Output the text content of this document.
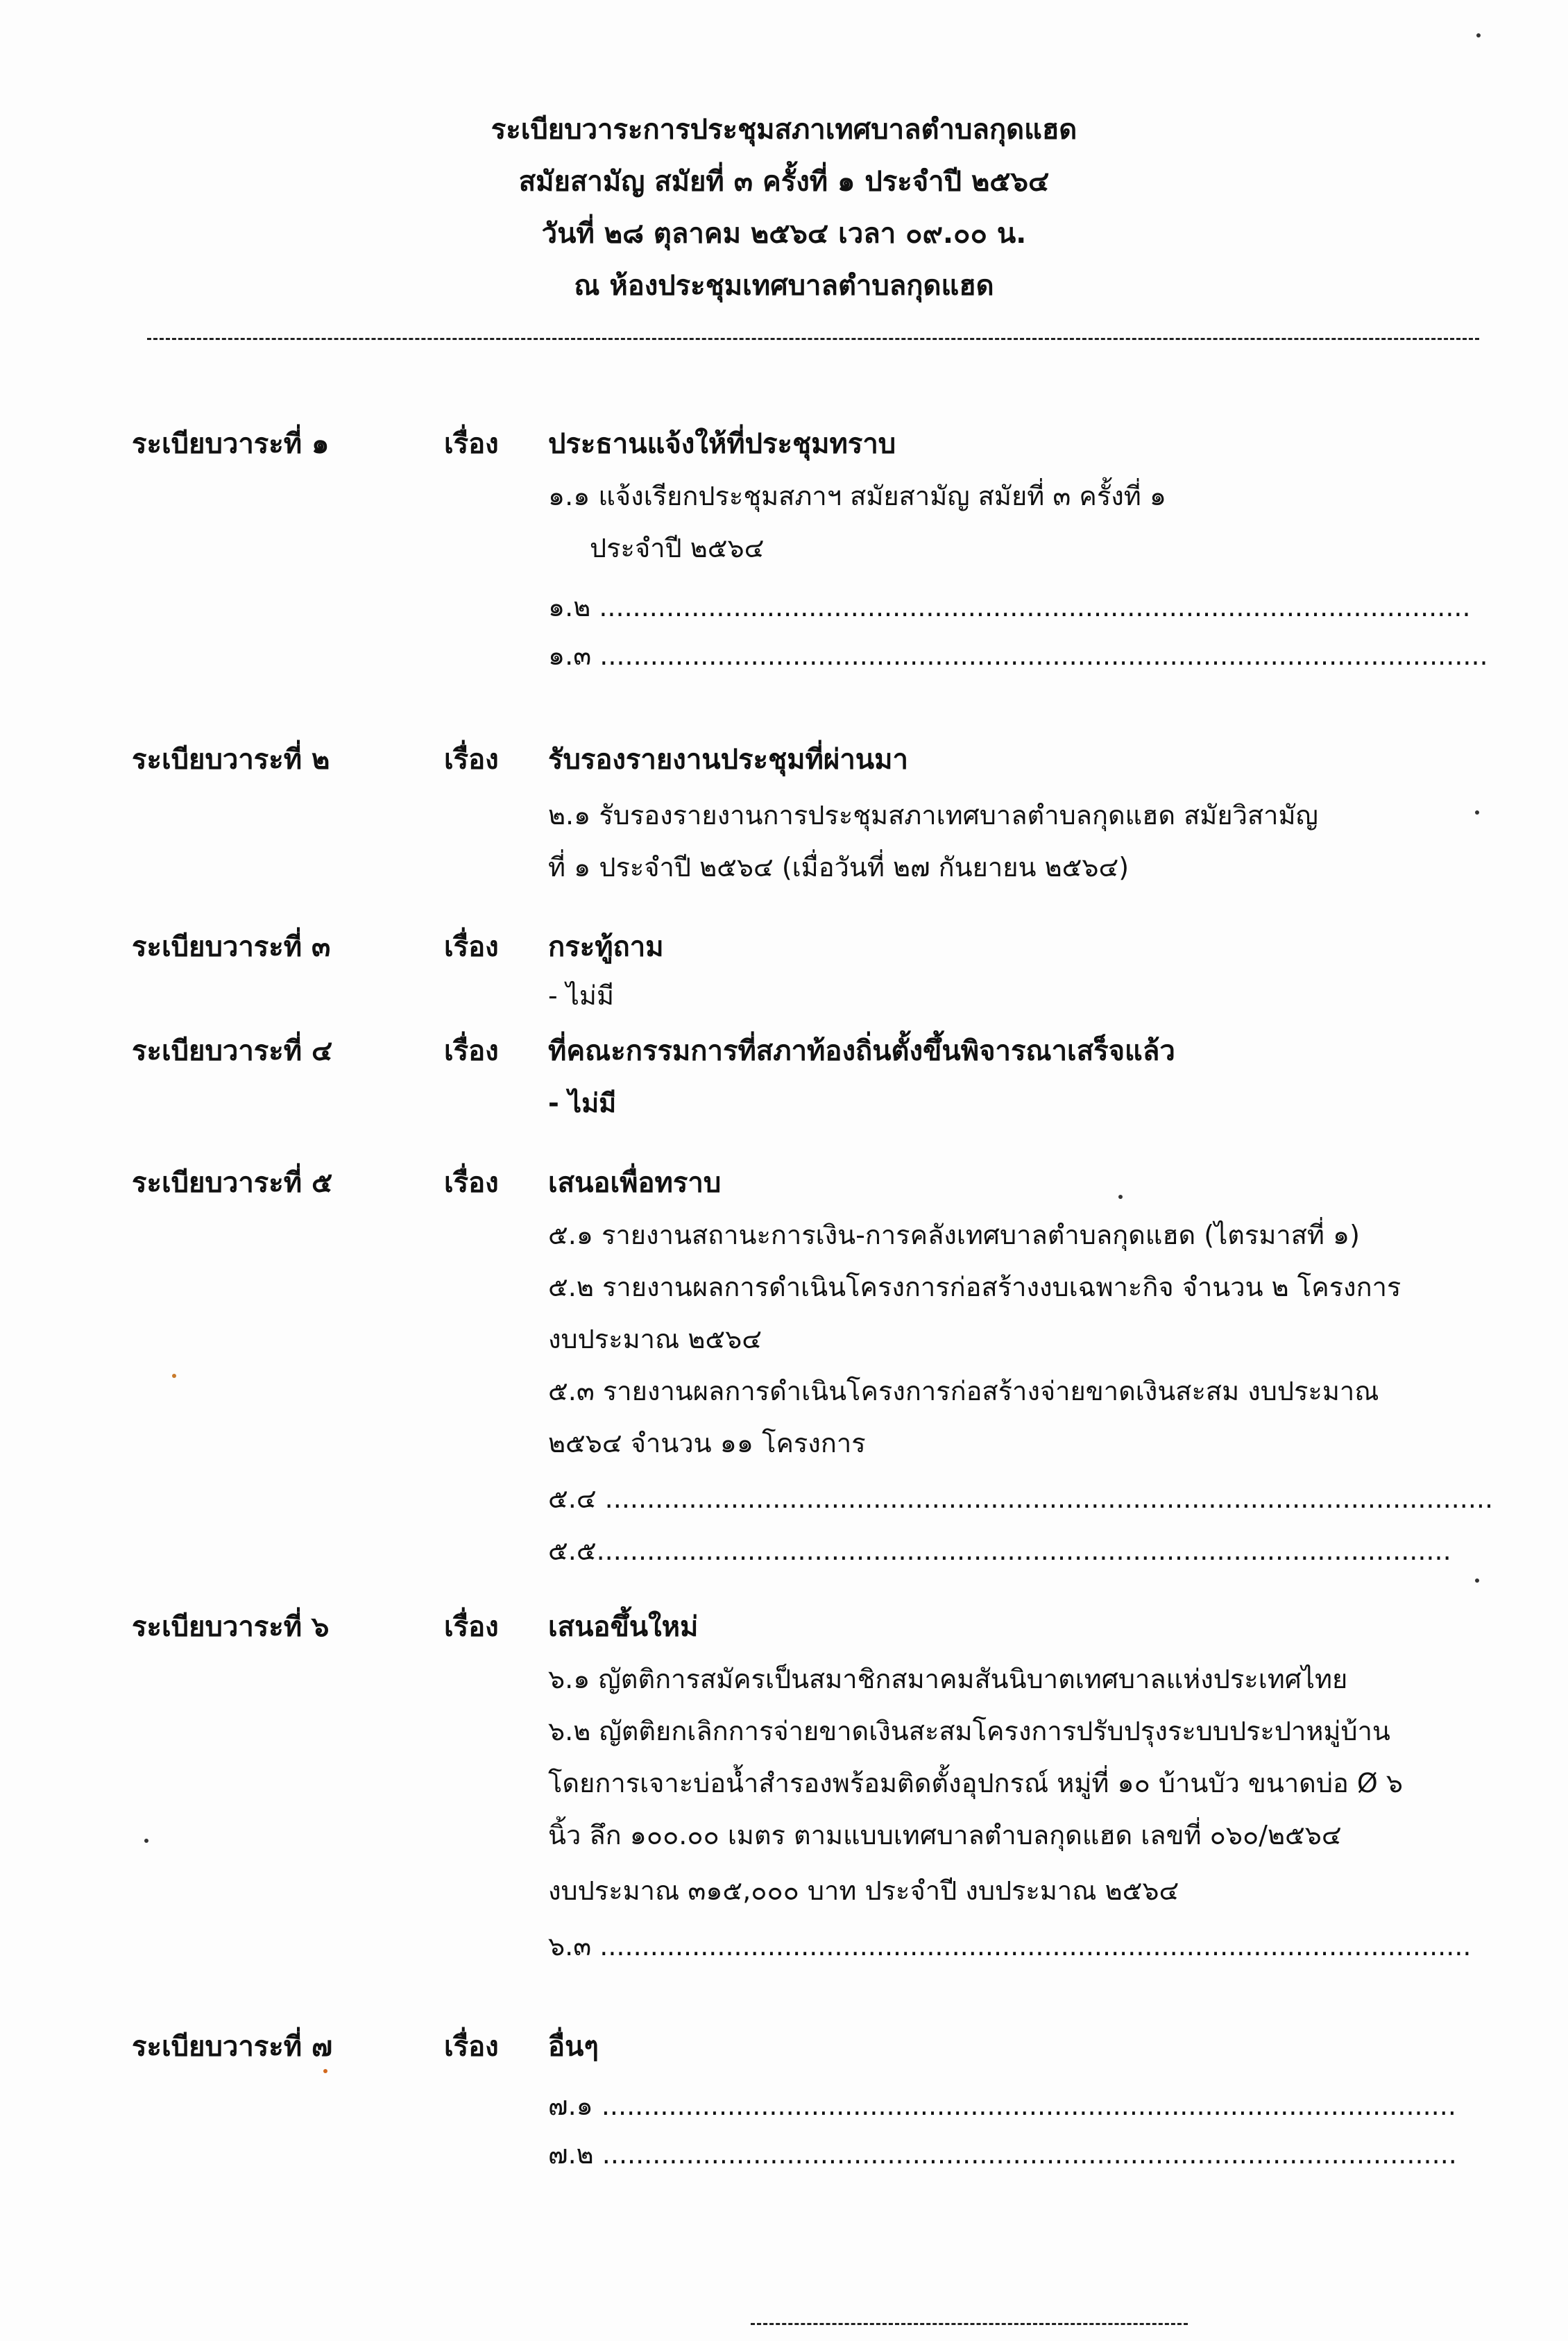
ระเบียบวาระการประชุมสภาเทศบาลตำบลกุดแฮด
สมัยสามัญ สมัยที่ ๓ ครั้งที่ ๑ ประจำปี ๒๕๖๔
วันที่ ๒๘ ตุลาคม ๒๕๖๔ เวลา ๐๙.๐๐ น.
ณ ห้องประชุมเทศบาลตำบลกุดแฮด
ระเบียบวาระที่ ๑	เรื่อง ประธานแจ้งให้ที่ประชุมทราบ
๑.๑ แจ้งเรียกประชุมสภาฯ สมัยสามัญ สมัยที่ ๓ ครั้งที่ ๑
ประจำปี ๒๕๖๔
๑.๒ ........................................................................................................
๑.๓ ..........................................................................................................
ระเบียบวาระที่ ๒	เรื่อง รับรองรายงานประชุมที่ผ่านมา
๒.๑ รับรองรายงานการประชุมสภาเทศบาลตำบลกุดแฮด สมัยวิสามัญ
ที่ ๑ ประจำปี ๒๕๖๔ (เมื่อวันที่ ๒๗ กันยายน ๒๕๖๔)
ระเบียบวาระที่ ๓	เรื่อง กระทู้ถาม
- ไม่มี
ระเบียบวาระที่ ๔	เรื่อง ที่คณะกรรมการที่สภาท้องถิ่นตั้งขึ้นพิจารณาเสร็จแล้ว
- ไม่มี
ระเบียบวาระที่ ๕	เรื่อง เสนอเพื่อทราบ
๕.๑ รายงานสถานะการเงิน-การคลังเทศบาลตำบลกุดแฮด (ไตรมาสที่ ๑)
๕.๒ รายงานผลการดำเนินโครงการก่อสร้างงบเฉพาะกิจ จำนวน ๒ โครงการ
งบประมาณ ๒๕๖๔
๕.๓ รายงานผลการดำเนินโครงการก่อสร้างจ่ายขาดเงินสะสม งบประมาณ
๒๕๖๔ จำนวน ๑๑ โครงการ
๕.๔ ..........................................................................................................
๕.๕......................................................................................................
ระเบียบวาระที่ ๖	เรื่อง เสนอขึ้นใหม่
๖.๑ ญัตติการสมัครเป็นสมาชิกสมาคมสันนิบาตเทศบาลแห่งประเทศไทย
๖.๒ ญัตติยกเลิกการจ่ายขาดเงินสะสมโครงการปรับปรุงระบบประปาหมู่บ้าน
โดยการเจาะบ่อน้ำสำรองพร้อมติดตั้งอุปกรณ์ หมู่ที่ ๑๐ บ้านบัว ขนาดบ่อ Ø ๖
นิ้ว ลึก ๑๐๐.๐๐ เมตร ตามแบบเทศบาลตำบลกุดแฮด เลขที่ ๐๖๐/๒๕๖๔
งบประมาณ ๓๑๕,๐๐๐ บาท ประจำปี งบประมาณ ๒๕๖๔
๖.๓ ........................................................................................................
ระเบียบวาระที่ ๗	เรื่อง อื่นๆ
๗.๑ ......................................................................................................
๗.๒ ......................................................................................................
